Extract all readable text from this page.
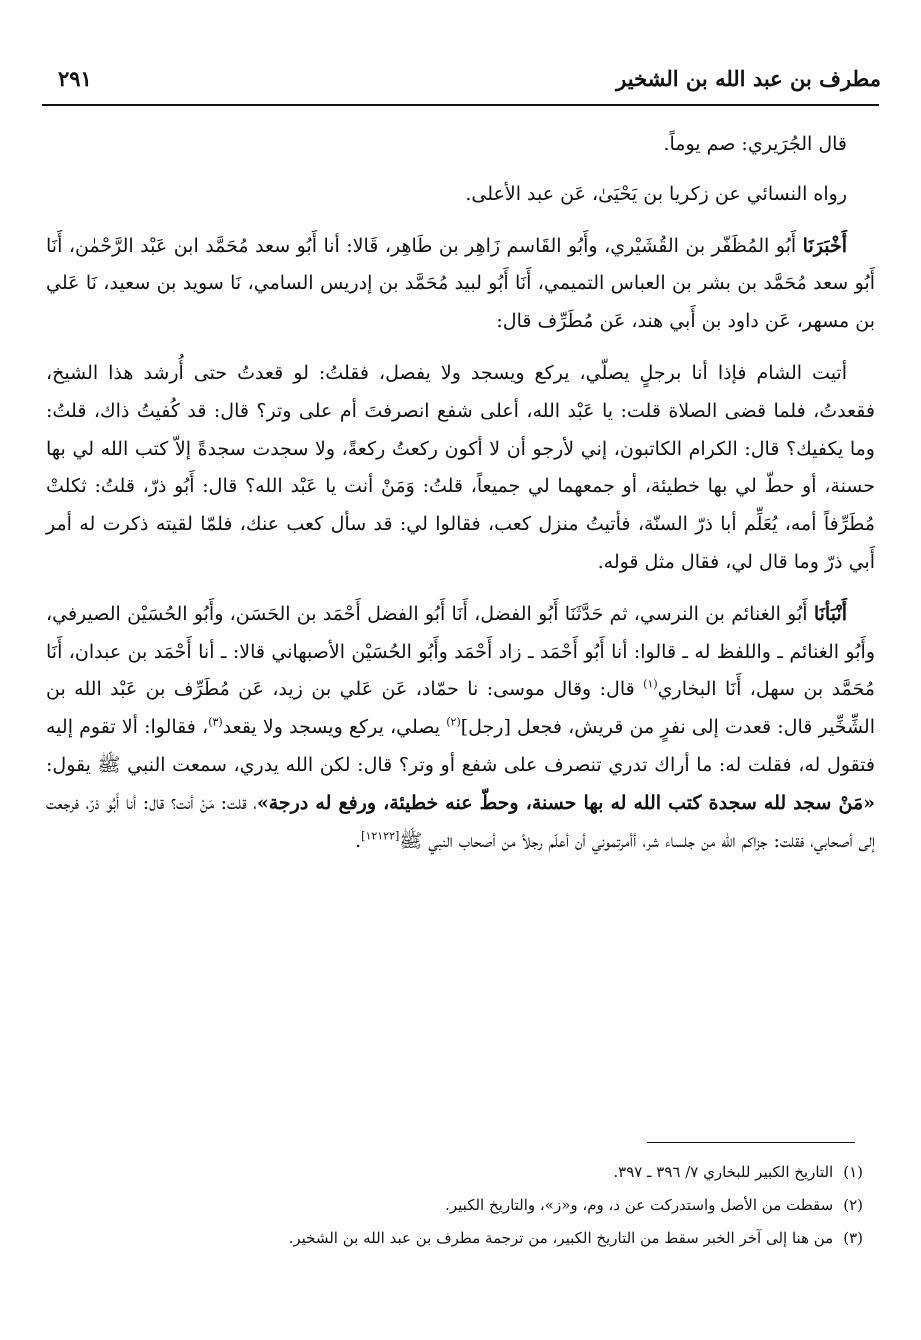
مطرف بن عبد الله بن الشخير
٢٩١

قال الجُرَيري: صم يوماً.

رواه النسائي عن زكريا بن يَحْيَىٰ، عَن عبد الأعلى.

أَخْبَرَنَا أَبُو المُظَفّر بن القُشَيْري، وأَبُو القَاسم زَاهِر بن طَاهِر، قَالا: أنا أَبُو سعد مُحَمَّد ابن عَبْد الرَّحْمٰن، أَنَا أَبُو سعد مُحَمَّد بن بشر بن العباس التميمي، أَنَا أَبُو لبيد مُحَمَّد بن إدريس السامي، نَا سويد بن سعيد، نَا عَلي بن مسهر، عَن داود بن أَبي هند، عَن مُطَرِّف قال:

أتيت الشام فإذا أنا برجلٍ يصلّي، يركع ويسجد ولا يفصل، فقلتُ: لو قعدتُ حتى أُرشد هذا الشيخ، فقعدتُ، فلما قضى الصلاة قلت: يا عَبْد الله، أعلى شفع انصرفتَ أم على وتر؟ قال: قد كُفيتُ ذاك، قلتُ: وما يكفيك؟ قال: الكرام الكاتبون، إني لأرجو أن لا أكون ركعتُ ركعةً، ولا سجدت سجدةً إلاّ كتب الله لي بها حسنة، أو حطّ لي بها خطيئة، أو جمعهما لي جميعاً، قلتُ: وَمَنْ أنت يا عَبْد الله؟ قال: أَبُو ذرّ، قلتُ: ثكلتْ مُطَرِّفاً أمه، يُعَلِّم أبا ذرّ السنّة، فأتيتُ منزل كعب، فقالوا لي: قد سأل كعب عنك، فلمّا لقيته ذكرت له أمر أَبي ذرّ وما قال لي، فقال مثل قوله.

أَنْبَأنَا أَبُو الغنائم بن النرسي، ثم حَدَّثَنَا أَبُو الفضل، أَنَا أَبُو الفضل أَحْمَد بن الحَسَن، وأَبُو الحُسَيْن الصيرفي، وأَبُو الغنائم ـ واللفظ له ـ قالوا: أنا أَبُو أَحْمَد ـ زاد أَحْمَد وأَبُو الحُسَيْن الأصبهاني قالا: ـ أنا أَحْمَد بن عبدان، أَنَا مُحَمَّد بن سهل، أَنَا البخاري$^{(١)}$ قال: وقال موسى: نا حمّاد، عَن عَلي بن زيد، عَن مُطَرِّف بن عَبْد الله بن الشِّخِّير قال: قعدت إلى نفرٍ من قريش، فجعل [رجل]$^{(٢)}$ يصلي، يركع ويسجد ولا يقعد$^{(٣)}$، فقالوا: ألا تقوم إليه فتقول له، فقلت له: ما أراك تدري تنصرف على شفع أو وتر؟ قال: لكن الله يدري، سمعت النبي ﷺ يقول: «مَنْ سجد لله سجدة كتب الله له بها حسنة، وحطّ عنه خطيئة، ورفع له درجة»، قلت: مَنْ أنت؟ قال: أنا أَبُو ذرّ، فرجعت إلى أصحابي، فقلت: جزاكم الله من جلساء شر، أأمرتموني أن أعلّم رجلاً من أصحاب النبي ﷺ[١٢١٢٢].

(١)التاريخ الكبير للبخاري ٧/ ٣٩٦ ـ ٣٩٧.

(٢)سقطت من الأصل واستدركت عن د، وم، و«ز»، والتاريخ الكبير.

(٣)من هنا إلى آخر الخبر سقط من التاريخ الكبير، من ترجمة مطرف بن عبد الله بن الشخير.
